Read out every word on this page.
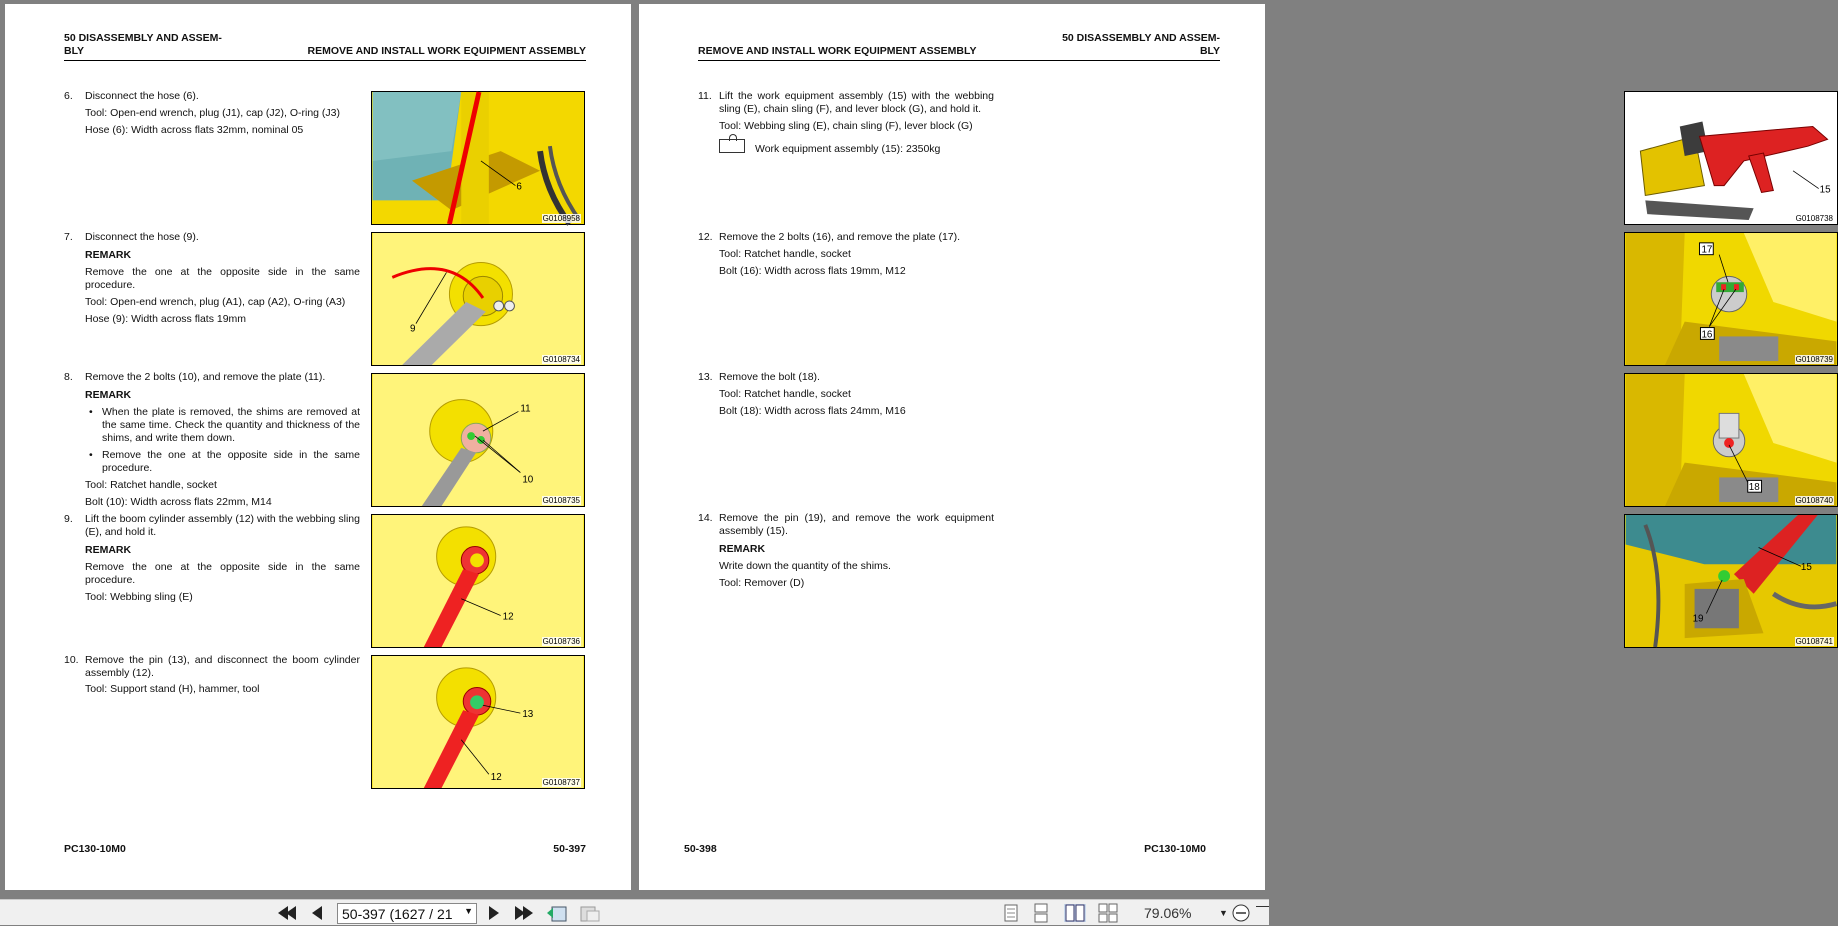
50 DISASSEMBLY AND ASSEM-
BLY	REMOVE AND INSTALL WORK EQUIPMENT ASSEMBLY
6. Disconnect the hose (6).
Tool: Open-end wrench, plug (J1), cap (J2), O-ring (J3)
Hose (6): Width across flats 32mm, nominal 05
6
G0108958
7. Disconnect the hose (9).
REMARK
Remove the one at the opposite side in the same procedure.
Tool: Open-end wrench, plug (A1), cap (A2), O-ring (A3)
Hose (9): Width across flats 19mm
9
G0108734
8. Remove the 2 bolts (10), and remove the plate (11).
REMARK
• When the plate is removed, the shims are removed at the same time. Check the quantity and thickness of the shims, and write them down.
• Remove the one at the opposite side in the same procedure.
Tool: Ratchet handle, socket
Bolt (10): Width across flats 22mm, M14
11
10
G0108735
9. Lift the boom cylinder assembly (12) with the webbing sling (E), and hold it.
REMARK
Remove the one at the opposite side in the same procedure.
Tool: Webbing sling (E)
12
G0108736
10. Remove the pin (13), and disconnect the boom cylinder assembly (12).
Tool: Support stand (H), hammer, tool
13
12	G0108737
PC130-10M0	50-397
REMOVE AND INSTALL WORK EQUIPMENT ASSEMBLY
50 DISASSEMBLY AND ASSEM-
BLY
11. Lift the work equipment assembly (15) with the webbing sling (E), chain sling (F), and lever block (G), and hold it.
Tool: Webbing sling (E), chain sling (F), lever block (G)
Work equipment assembly (15): 2350kg
15
G0108738
12. Remove the 2 bolts (16), and remove the plate (17).
Tool: Ratchet handle, socket
Bolt (16): Width across flats 19mm, M12
17
16
G0108739
13. Remove the bolt (18).
Tool: Ratchet handle, socket
Bolt (18): Width across flats 24mm, M16
18
G0108740
14. Remove the pin (19), and remove the work equipment assembly (15).
REMARK
Write down the quantity of the shims.
Tool: Remover (D)
15
19
G0108741
50-398	PC130-10M0
50-397 (1627 / 21 ▼	79.06%	▼
